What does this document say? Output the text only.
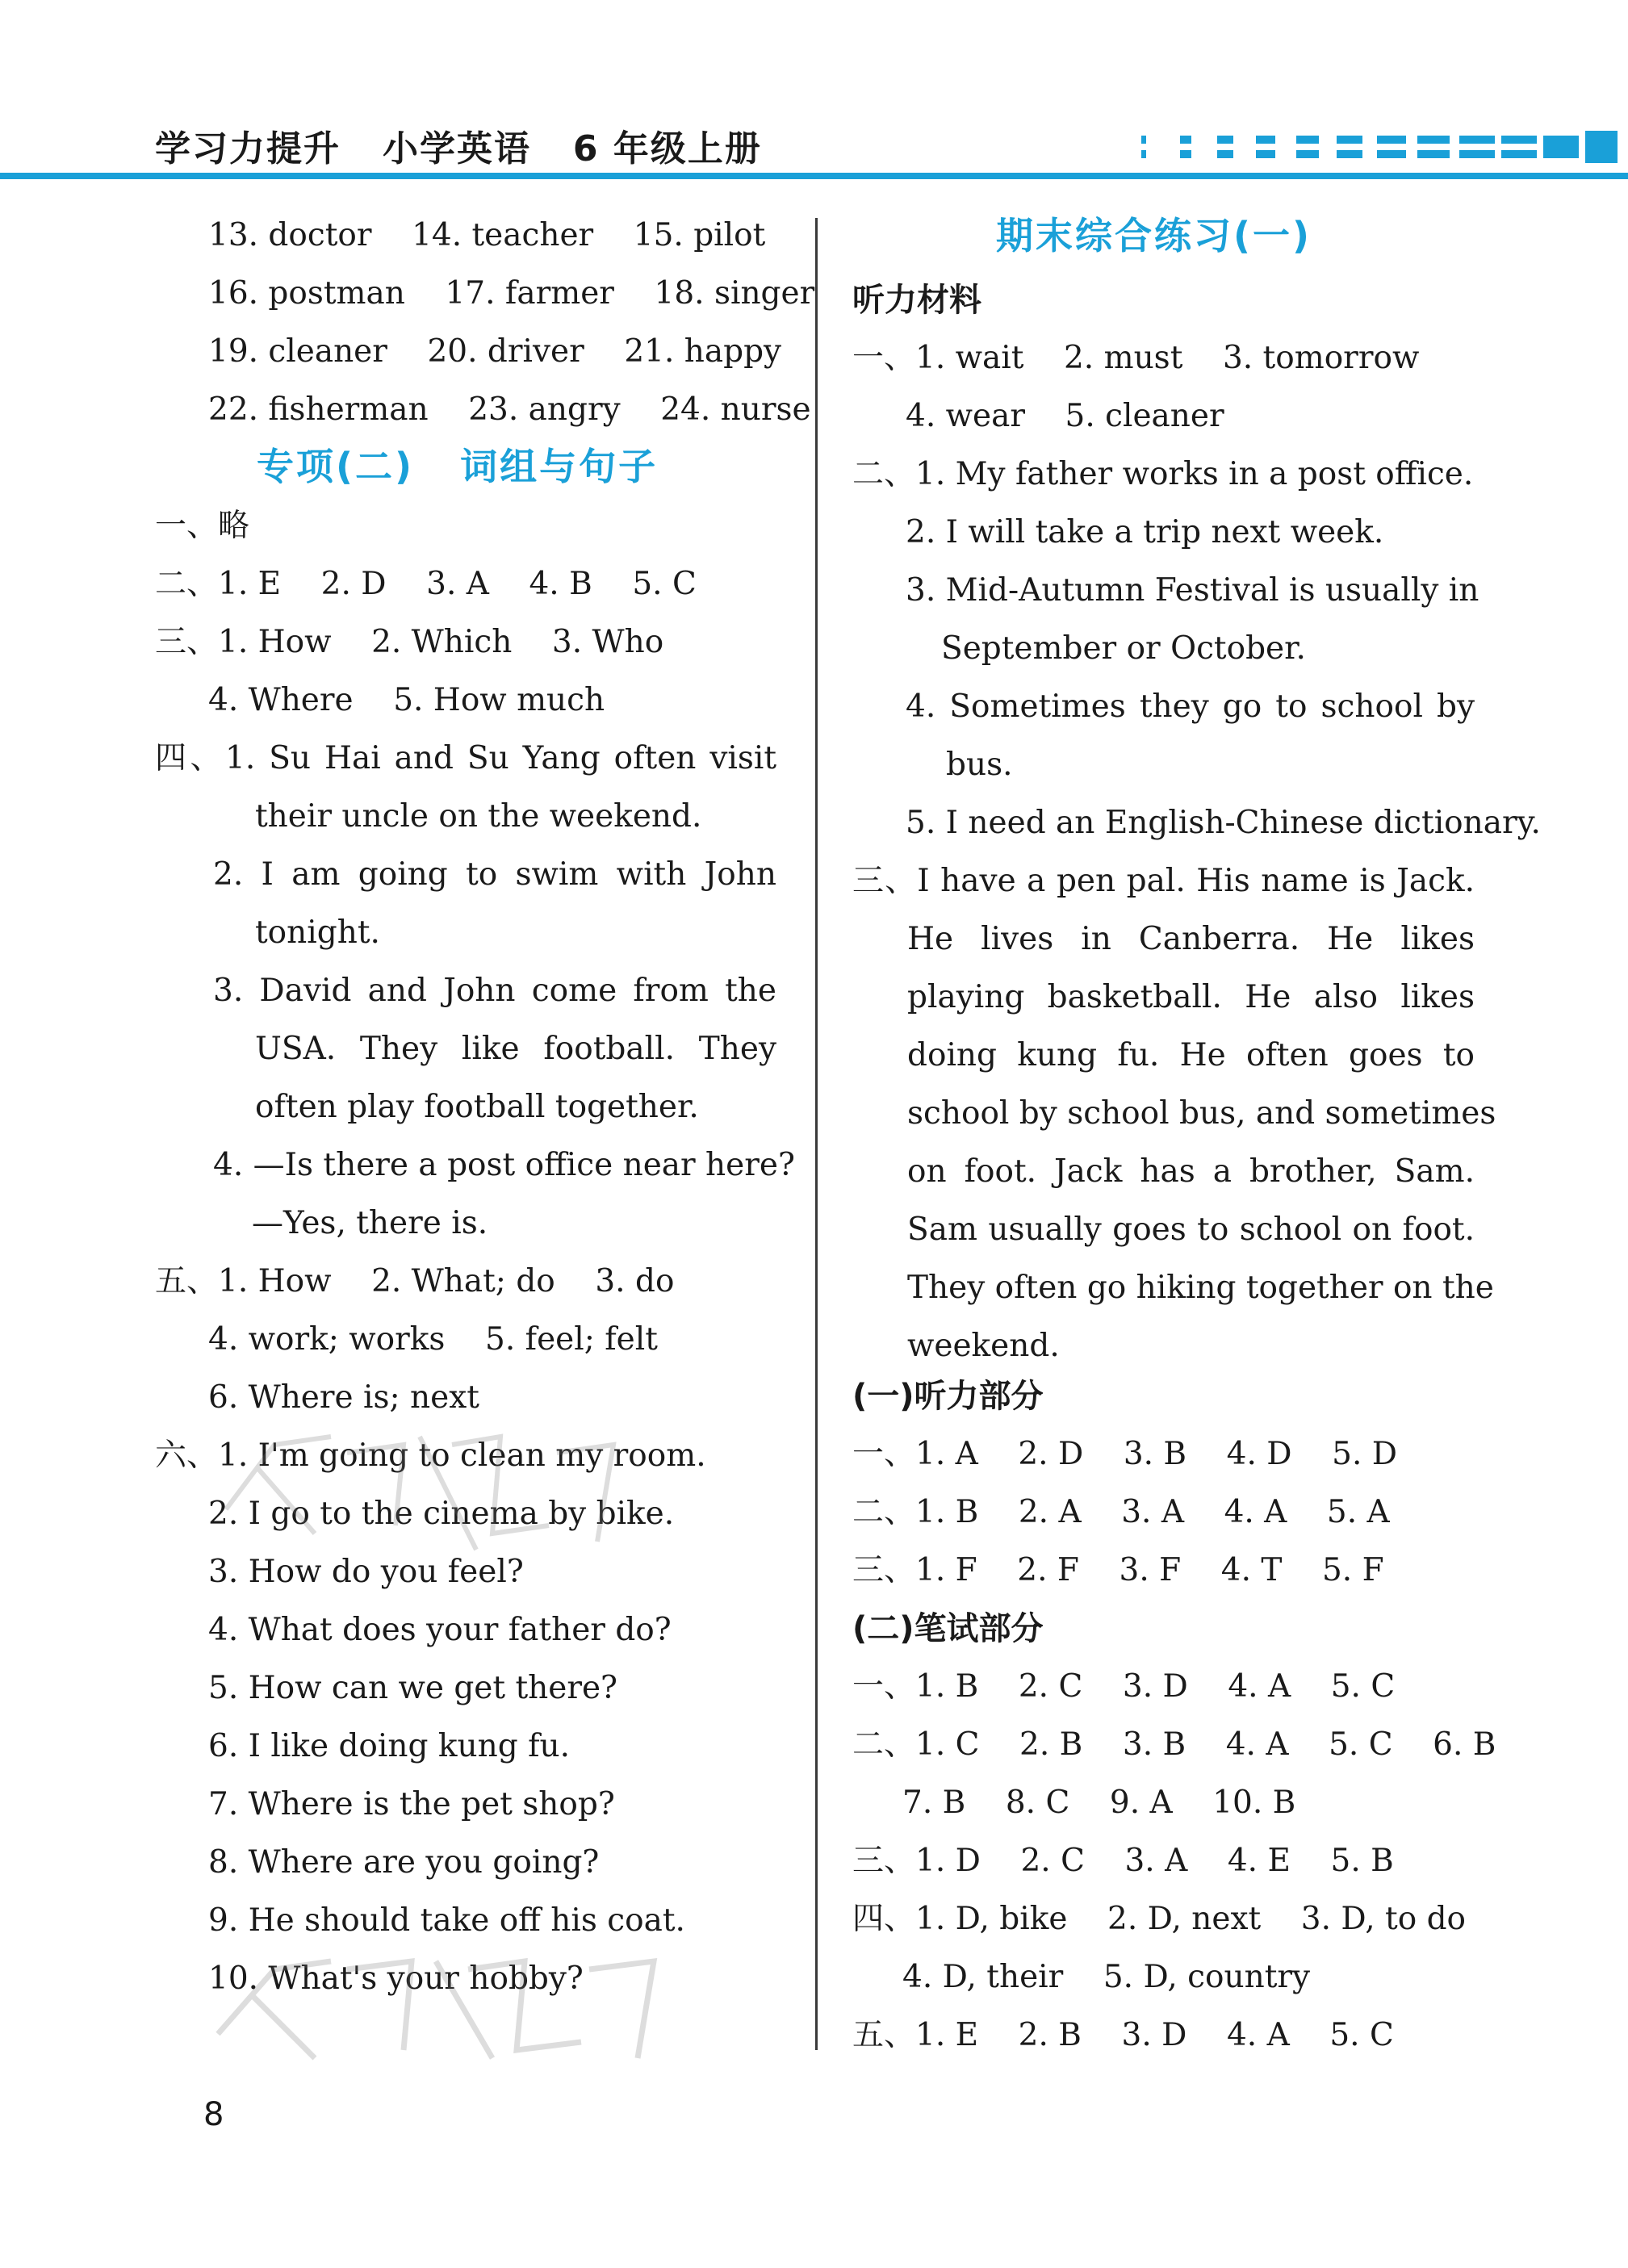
学习力提升   小学英语   6 年级上册
13. doctor    14. teacher    15. pilot
16. postman    17. farmer    18. singer
19. cleaner    20. driver    21. happy
22. fisherman    23. angry    24. nurse
专项(二)   词组与句子
一、略
二、1. E    2. D    3. A    4. B    5. C
三、1. How    2. Which    3. Who
4. Where    5. How much
四、1. Su Hai and Su Yang often visit
their uncle on the weekend.
2. I am going to swim with John
tonight.
3. David and John come from the
USA. They like football. They
often play football together.
4. —Is there a post office near here?
—Yes, there is.
五、1. How    2. What; do    3. do
4. work; works    5. feel; felt
6. Where is; next
六、1. I'm going to clean my room.
2. I go to the cinema by bike.
3. How do you feel?
4. What does your father do?
5. How can we get there?
6. I like doing kung fu.
7. Where is the pet shop?
8. Where are you going?
9. He should take off his coat.
10. What's your hobby?
期末综合练习(一)
听力材料
一、1. wait    2. must    3. tomorrow
4. wear    5. cleaner
二、1. My father works in a post office.
2. I will take a trip next week.
3. Mid-Autumn Festival is usually in
September or October.
4. Sometimes they go to school by
bus.
5. I need an English-Chinese dictionary.
三、I have a pen pal. His name is Jack.
He lives in Canberra. He likes
playing basketball. He also likes
doing kung fu. He often goes to
school by school bus, and sometimes
on foot. Jack has a brother, Sam.
Sam usually goes to school on foot.
They often go hiking together on the
weekend.
(一)听力部分
一、1. A    2. D    3. B    4. D    5. D
二、1. B    2. A    3. A    4. A    5. A
三、1. F    2. F    3. F    4. T    5. F
(二)笔试部分
一、1. B    2. C    3. D    4. A    5. C
二、1. C    2. B    3. B    4. A    5. C    6. B
7. B    8. C    9. A    10. B
三、1. D    2. C    3. A    4. E    5. B
四、1. D, bike    2. D, next    3. D, to do
4. D, their    5. D, country
五、1. E    2. B    3. D    4. A    5. C
8
